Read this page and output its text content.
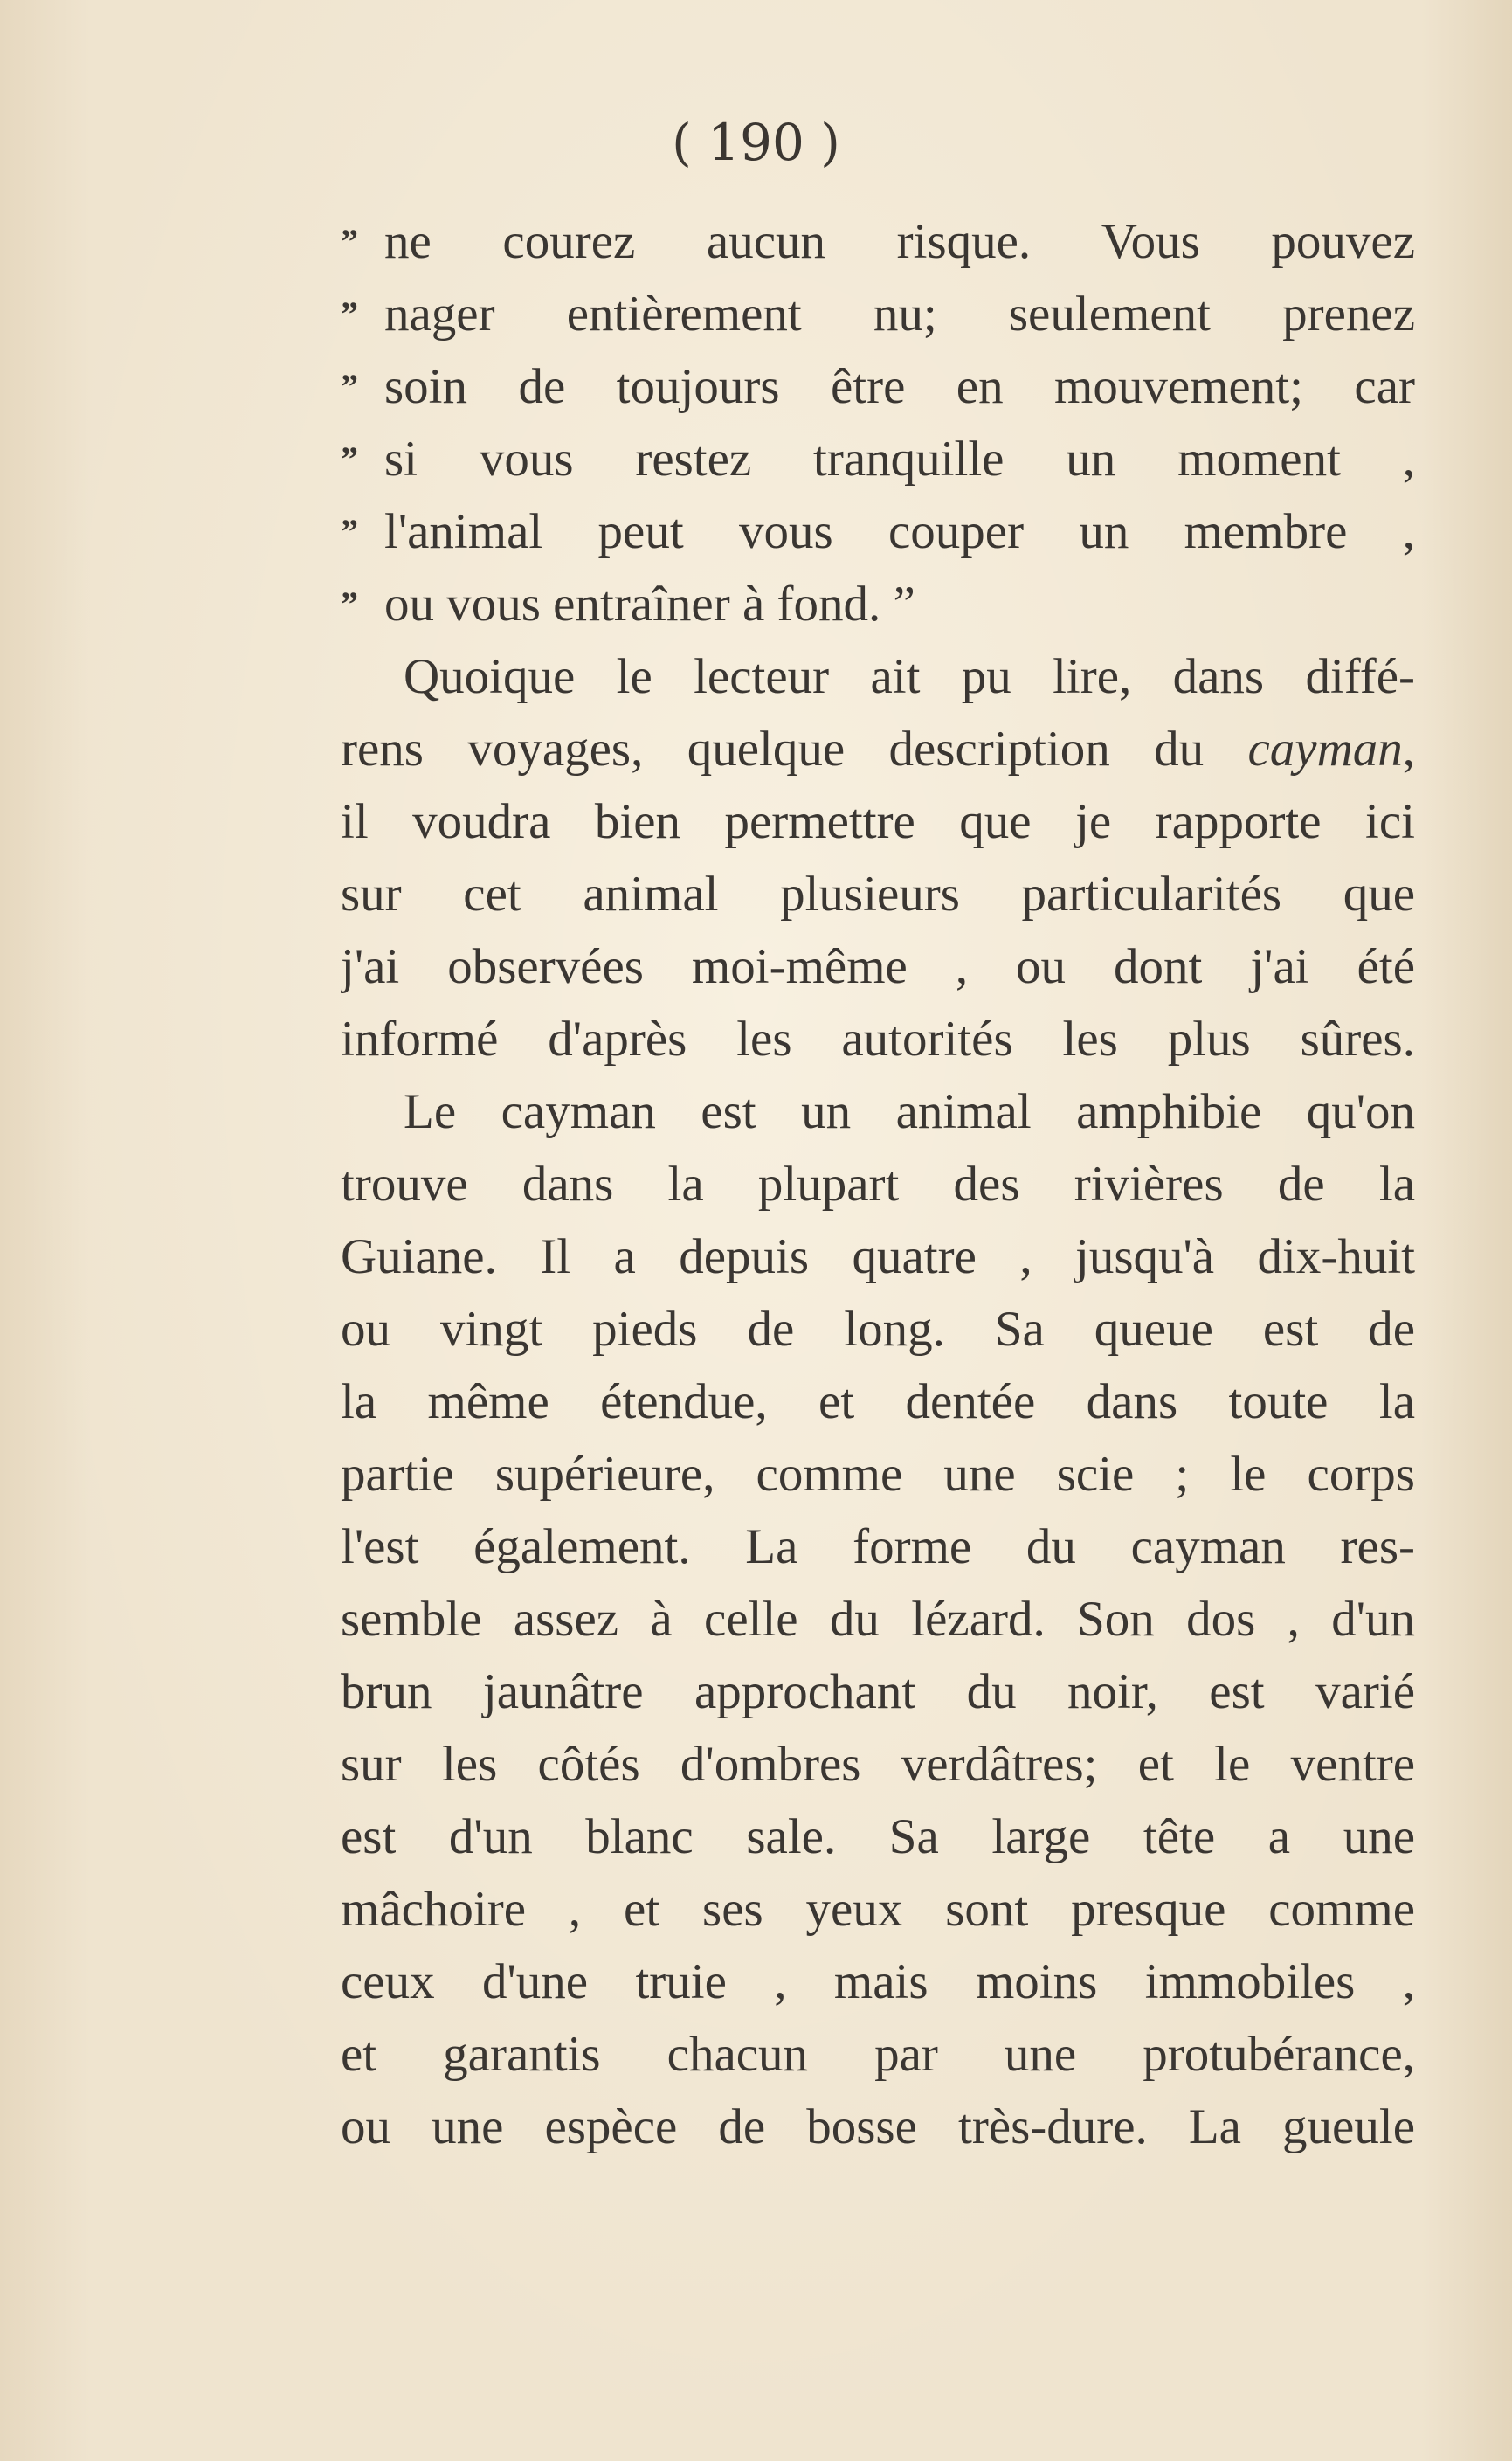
( 190 )
” ne courez aucun risque. Vous pouvez
” nager entièrement nu; seulement prenez
” soin de toujours être en mouvement; car
” si vous restez tranquille un moment ,
” l'animal peut vous couper un membre ,
” ou vous entraîner à fond. ”
Quoique le lecteur ait pu lire, dans diffé-
rens voyages, quelque description du cayman,
il voudra bien permettre que je rapporte ici
sur cet animal plusieurs particularités que
j'ai observées moi-même , ou dont j'ai été
informé d'après les autorités les plus sûres.
Le cayman est un animal amphibie qu'on
trouve dans la plupart des rivières de la
Guiane. Il a depuis quatre , jusqu'à dix-huit
ou vingt pieds de long. Sa queue est de
la même étendue, et dentée dans toute la
partie supérieure, comme une scie ; le corps
l'est également. La forme du cayman res-
semble assez à celle du lézard. Son dos , d'un
brun jaunâtre approchant du noir, est varié
sur les côtés d'ombres verdâtres; et le ventre
est d'un blanc sale. Sa large tête a une
mâchoire , et ses yeux sont presque comme
ceux d'une truie , mais moins immobiles ,
et garantis chacun par une protubérance,
ou une espèce de bosse très-dure. La gueule
